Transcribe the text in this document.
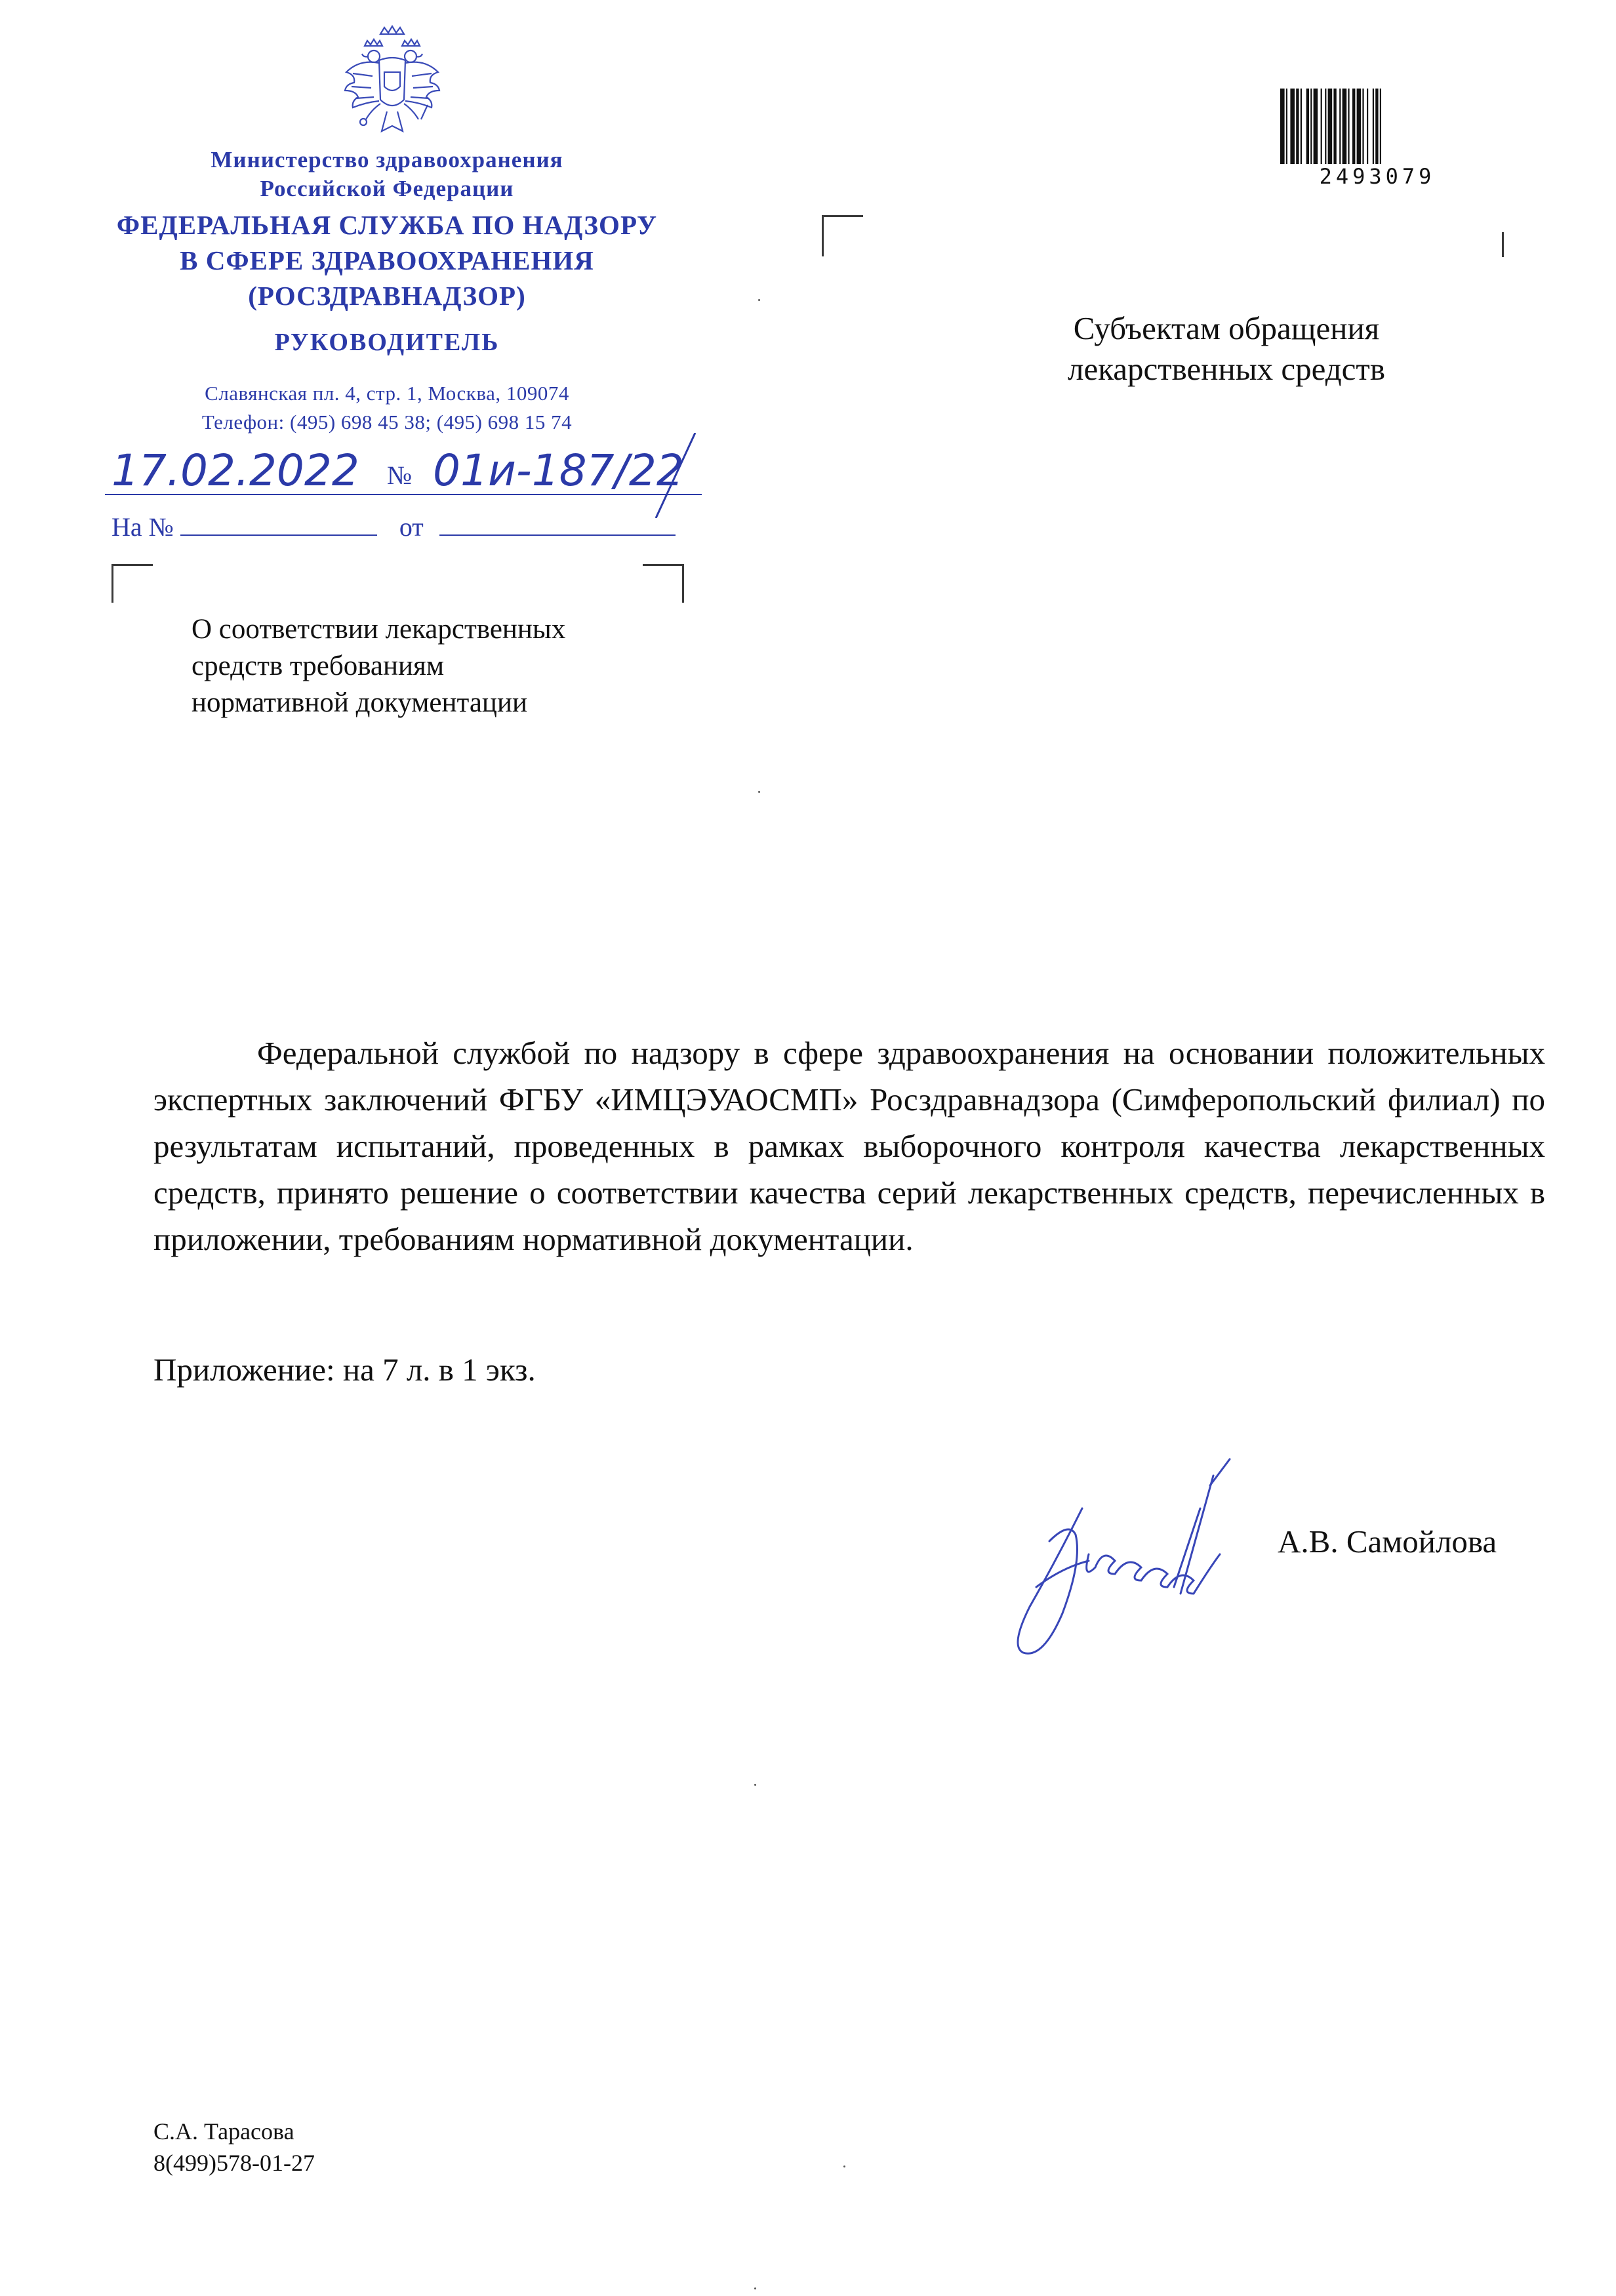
Министерство здравоохранения
Российской Федерации
ФЕДЕРАЛЬНАЯ СЛУЖБА ПО НАДЗОРУ
В СФЕРЕ ЗДРАВООХРАНЕНИЯ
(РОСЗДРАВНАДЗОР)
РУКОВОДИТЕЛЬ
Славянская пл. 4, стр. 1, Москва, 109074
Телефон: (495) 698 45 38; (495) 698 15 74
17.02.2022 № 01и-187/22
На №	от
О соответствии лекарственных
средств требованиям
нормативной документации
Субъектам обращения
лекарственных средств
2493079
Федеральной службой по надзору в сфере здравоохранения на основании положительных экспертных заключений ФГБУ «ИМЦЭУАОСМП» Росздравнадзора (Симферопольский филиал) по результатам испытаний, проведенных в рамках выборочного контроля качества лекарственных средств, принято решение о соответствии качества серий лекарственных средств, перечисленных в приложении, требованиям нормативной документации.
Приложение: на 7 л. в 1 экз.
А.В. Самойлова
С.А. Тарасова
8(499)578-01-27
